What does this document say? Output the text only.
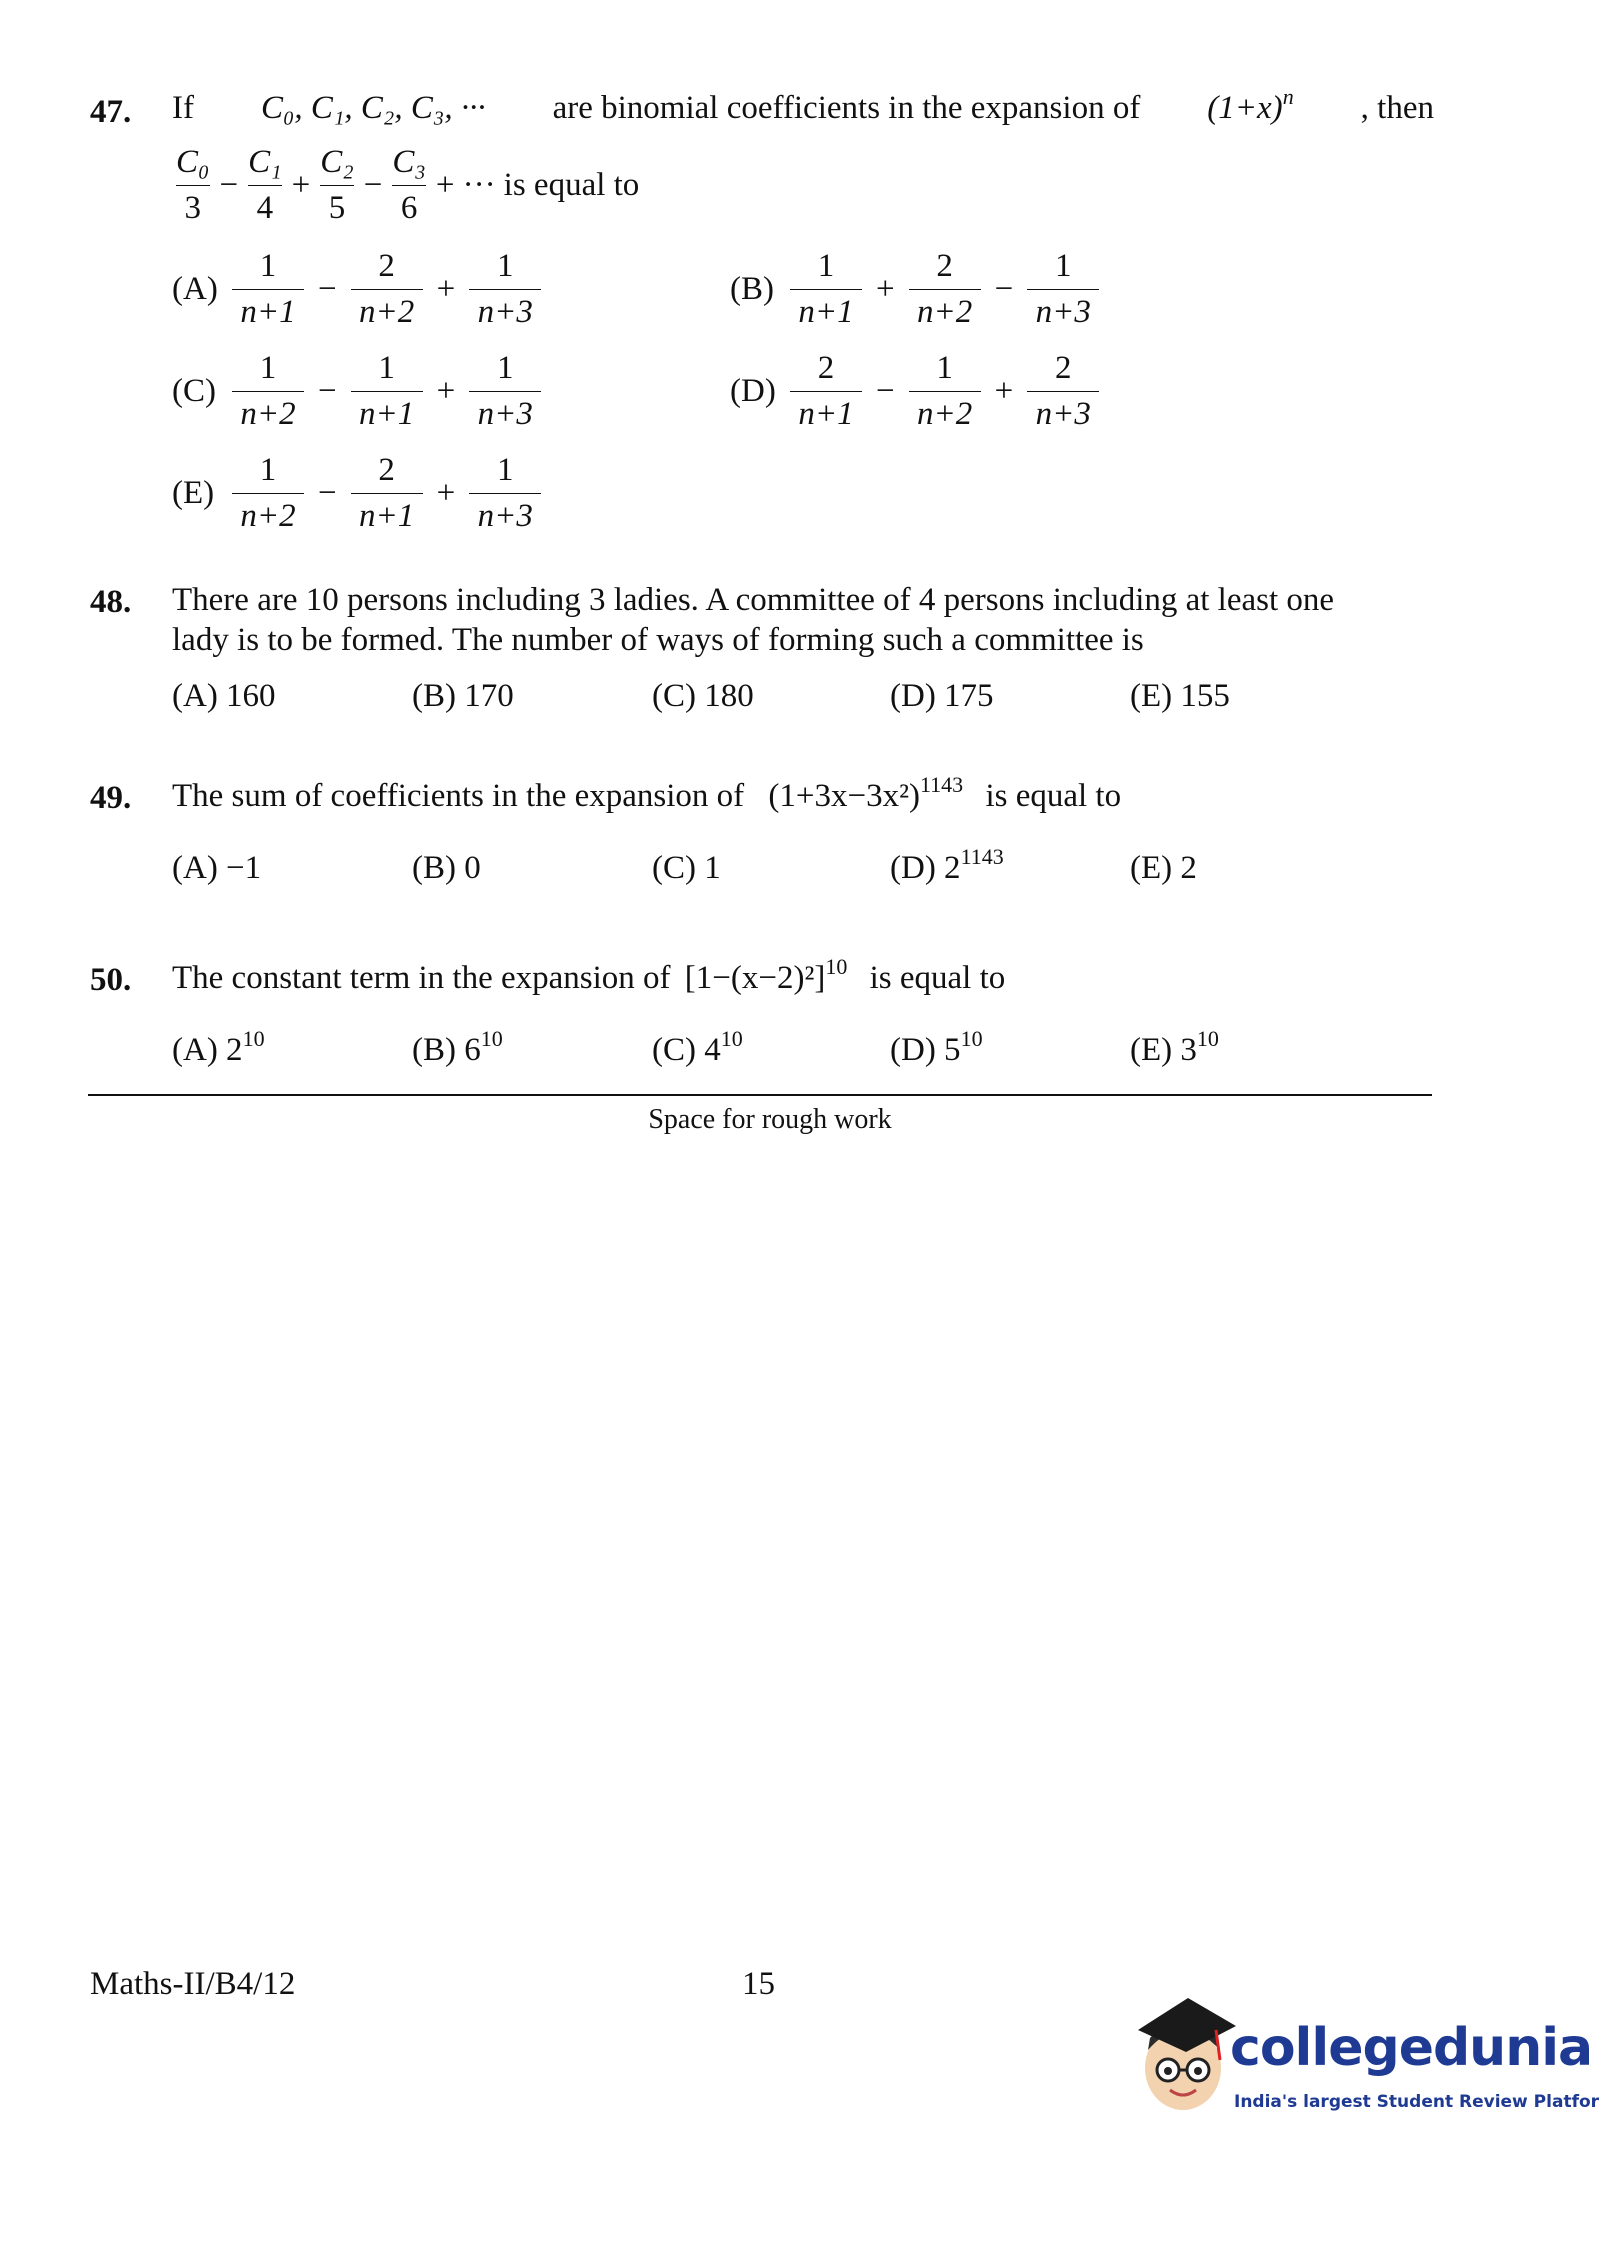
47. If C₀, C₁, C₂, C₃, ··· are binomial coefficients in the expansion of $(1+x)^n$ , then
$\frac{\text{C₀}}{3} - \frac{\text{C₁}}{4} + \frac{\text{C₂}}{5} - \frac{\text{C₃}}{6}$ + ··· is equal to
$(A) \frac{1}{n+1} - \frac{2}{n+2} + \frac{1}{n+3}$	$(B) \frac{1}{n+1} + \frac{2}{n+2} - \frac{1}{n+3}$
$(C) \frac{1}{n+2} - \frac{1}{n+1} + \frac{1}{n+3}$	$(D) \frac{2}{n+1} - \frac{1}{n+2} + \frac{2}{n+3}$
$(E) \frac{1}{n+2} - \frac{2}{n+1} + \frac{1}{n+3}$
48. There are 10 persons including 3 ladies. A committee of 4 persons including at least one
lady is to be formed. The number of ways of forming such a committee is
(A) 160	(B) 170	(C) 180	(D) 175	(E) 155
49. The sum of coefficients in the expansion of $(1+3x-3x^2)^{1143}$ is equal to
(A) −1	(B) 0	(C) 1	(D) $2^{1143}$	(E) 2
50. The constant term in the expansion of $[1-(x-2)^2]^{10}$ is equal to
(A) $2^{10}$	(B) $6^{10}$	(C) $4^{10}$	(D) $5^{10}$	(E) $3^{10}$
Space for rough work
Maths-II/B4/12	15
collegedunia
India's largest Student Review Platfor
